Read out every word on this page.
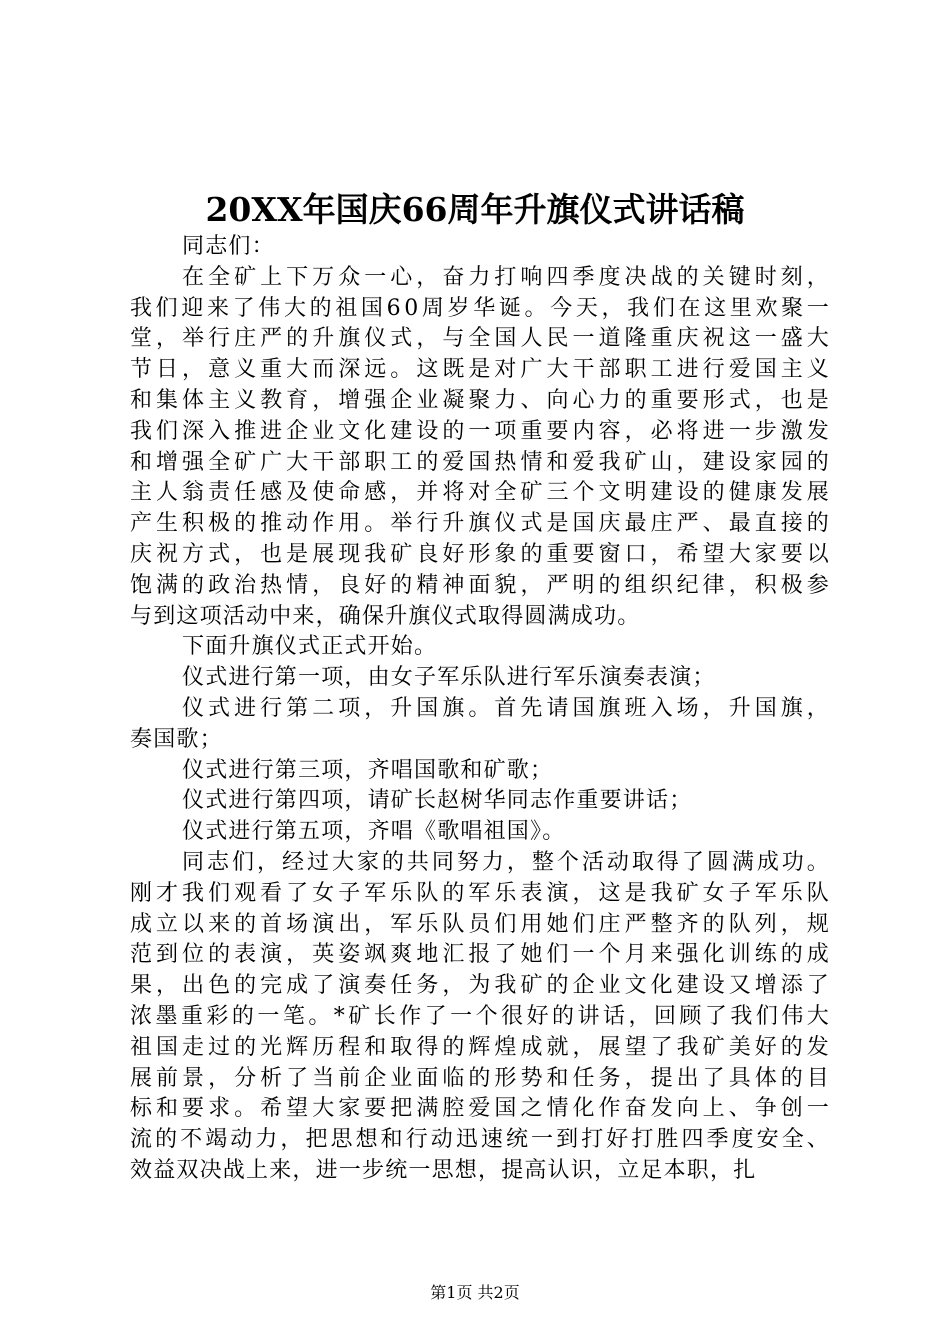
20XX年国庆66周年升旗仪式讲话稿
同志们：
在全矿上下万众一心，奋力打响四季度决战的关键时刻，
我们迎来了伟大的祖国60周岁华诞。今天，我们在这里欢聚一
堂，举行庄严的升旗仪式，与全国人民一道隆重庆祝这一盛大
节日，意义重大而深远。这既是对广大干部职工进行爱国主义
和集体主义教育，增强企业凝聚力、向心力的重要形式，也是
我们深入推进企业文化建设的一项重要内容，必将进一步激发
和增强全矿广大干部职工的爱国热情和爱我矿山，建设家园的
主人翁责任感及使命感，并将对全矿三个文明建设的健康发展
产生积极的推动作用。举行升旗仪式是国庆最庄严、最直接的
庆祝方式，也是展现我矿良好形象的重要窗口，希望大家要以
饱满的政治热情，良好的精神面貌，严明的组织纪律，积极参
与到这项活动中来，确保升旗仪式取得圆满成功。
下面升旗仪式正式开始。
仪式进行第一项，由女子军乐队进行军乐演奏表演；
仪式进行第二项，升国旗。首先请国旗班入场，升国旗，
奏国歌；
仪式进行第三项，齐唱国歌和矿歌；
仪式进行第四项，请矿长赵树华同志作重要讲话；
仪式进行第五项，齐唱《歌唱祖国》。
同志们，经过大家的共同努力，整个活动取得了圆满成功。
刚才我们观看了女子军乐队的军乐表演，这是我矿女子军乐队
成立以来的首场演出，军乐队员们用她们庄严整齐的队列，规
范到位的表演，英姿飒爽地汇报了她们一个月来强化训练的成
果，出色的完成了演奏任务，为我矿的企业文化建设又增添了
浓墨重彩的一笔。*矿长作了一个很好的讲话，回顾了我们伟大
祖国走过的光辉历程和取得的辉煌成就，展望了我矿美好的发
展前景，分析了当前企业面临的形势和任务，提出了具体的目
标和要求。希望大家要把满腔爱国之情化作奋发向上、争创一
流的不竭动力，把思想和行动迅速统一到打好打胜四季度安全、
效益双决战上来，进一步统一思想，提高认识，立足本职，扎
第1页 共2页
